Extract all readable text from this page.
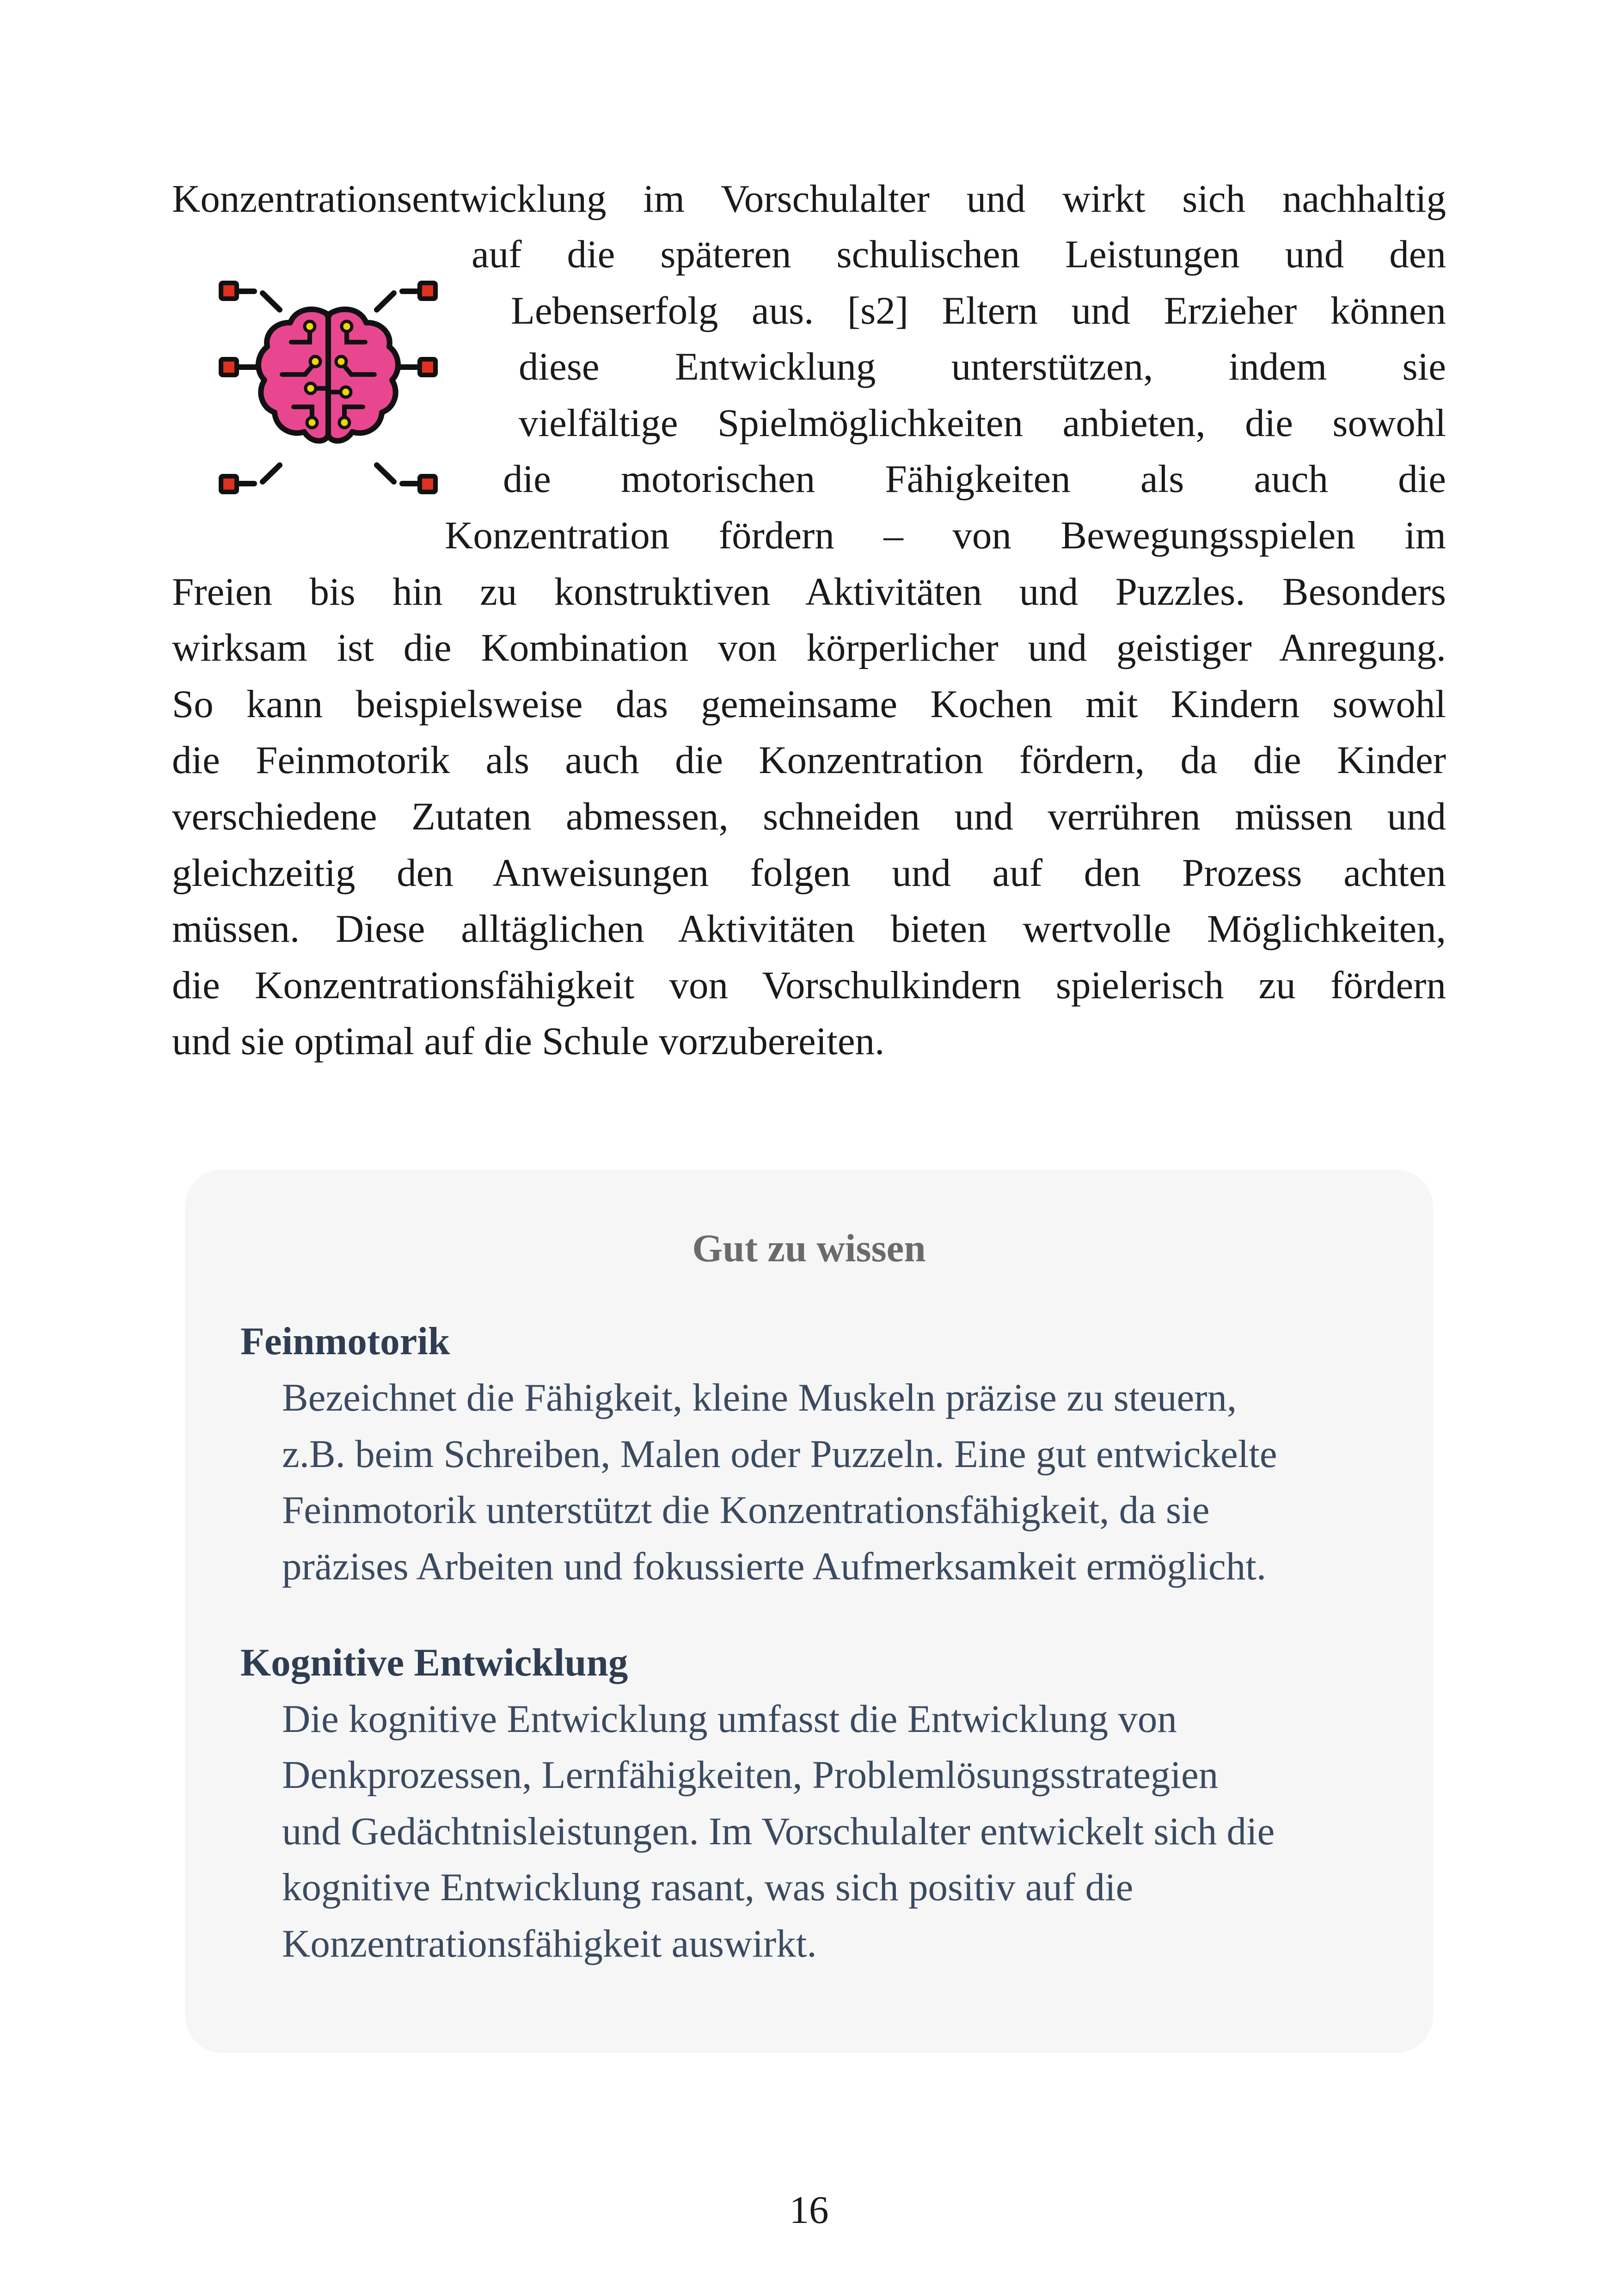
Konzentrationsentwicklung im Vorschulalter und wirkt sich nachhaltig
auf die späteren schulischen Leistungen und den
Lebenserfolg aus. [s2] Eltern und Erzieher können
diese Entwicklung unterstützen, indem sie
vielfältige Spielmöglichkeiten anbieten, die sowohl
die motorischen Fähigkeiten als auch die
Konzentration fördern – von Bewegungsspielen im
Freien bis hin zu konstruktiven Aktivitäten und Puzzles. Besonders
wirksam ist die Kombination von körperlicher und geistiger Anregung.
So kann beispielsweise das gemeinsame Kochen mit Kindern sowohl
die Feinmotorik als auch die Konzentration fördern, da die Kinder
verschiedene Zutaten abmessen, schneiden und verrühren müssen und
gleichzeitig den Anweisungen folgen und auf den Prozess achten
müssen. Diese alltäglichen Aktivitäten bieten wertvolle Möglichkeiten,
die Konzentrationsfähigkeit von Vorschulkindern spielerisch zu fördern
und sie optimal auf die Schule vorzubereiten.
Gut zu wissen
Feinmotorik
Bezeichnet die Fähigkeit, kleine Muskeln präzise zu steuern,
z.B. beim Schreiben, Malen oder Puzzeln. Eine gut entwickelte
Feinmotorik unterstützt die Konzentrationsfähigkeit, da sie
präzises Arbeiten und fokussierte Aufmerksamkeit ermöglicht.
Kognitive Entwicklung
Die kognitive Entwicklung umfasst die Entwicklung von
Denkprozessen, Lernfähigkeiten, Problemlösungsstrategien
und Gedächtnisleistungen. Im Vorschulalter entwickelt sich die
kognitive Entwicklung rasant, was sich positiv auf die
Konzentrationsfähigkeit auswirkt.
16
